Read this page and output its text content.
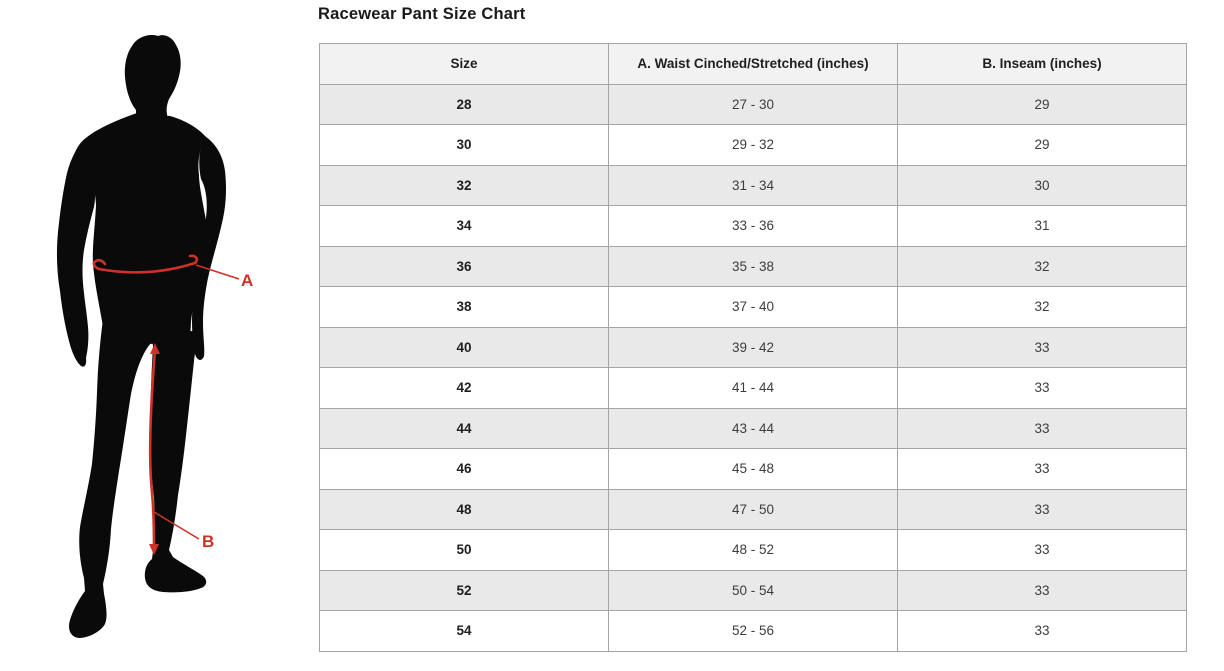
A
B
Racewear Pant Size Chart
Size	A. Waist Cinched/Stretched (inches)	B. Inseam (inches)
28	27 - 30	29
30	29 - 32	29
32	31 - 34	30
34	33 - 36	31
36	35 - 38	32
38	37 - 40	32
40	39 - 42	33
42	41 - 44	33
44	43 - 44	33
46	45 - 48	33
48	47 - 50	33
50	48 - 52	33
52	50 - 54	33
54	52 - 56	33
